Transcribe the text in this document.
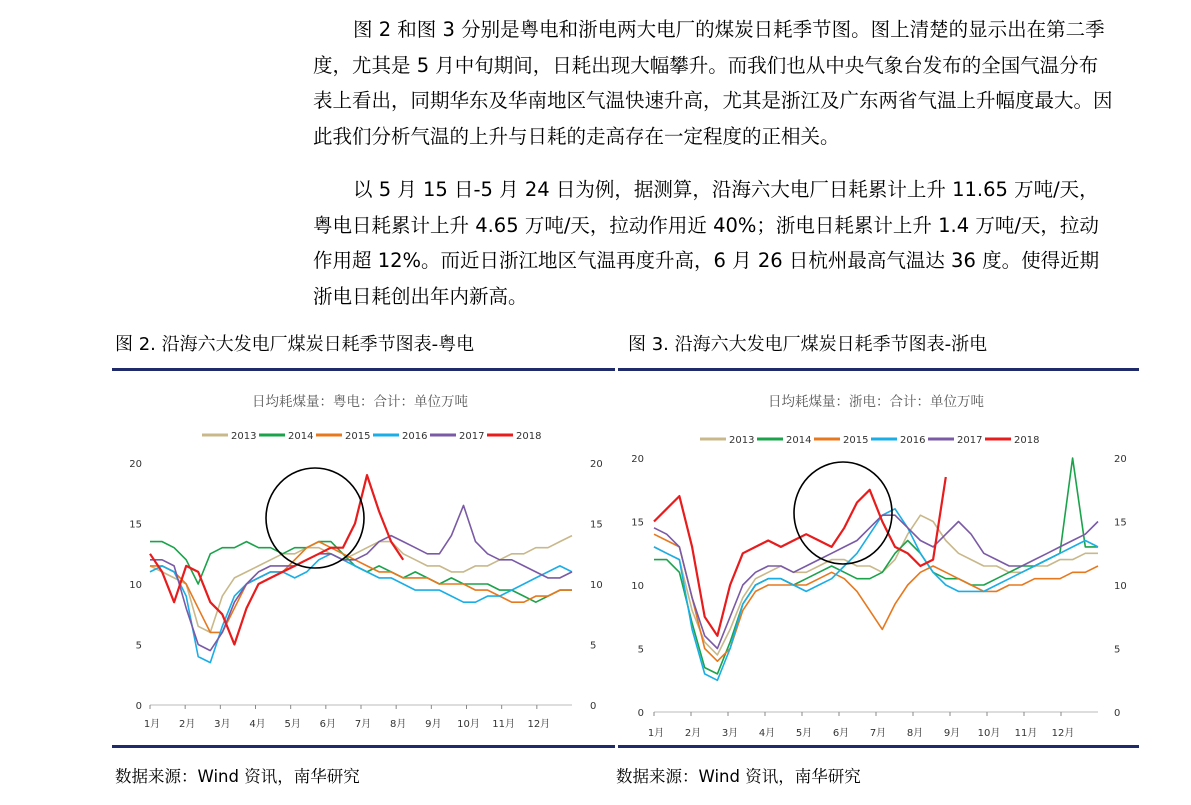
图 2 和图 3 分别是粤电和浙电两大电厂的煤炭日耗季节图。图上清楚的显示出在第二季度，尤其是 5 月中旬期间，日耗出现大幅攀升。而我们也从中央气象台发布的全国气温分布表上看出，同期华东及华南地区气温快速升高，尤其是浙江及广东两省气温上升幅度最大。因此我们分析气温的上升与日耗的走高存在一定程度的正相关。

以 5 月 15 日-5 月 24 日为例，据测算，沿海六大电厂日耗累计上升 11.65 万吨/天，粤电日耗累计上升 4.65 万吨/天，拉动作用近 40%；浙电日耗累计上升 1.4 万吨/天，拉动作用超 12%。而近日浙江地区气温再度升高，6 月 26 日杭州最高气温达 36 度。使得近期浙电日耗创出年内新高。

图 2. 沿海六大发电厂煤炭日耗季节图表-粤电	图 3. 沿海六大发电厂煤炭日耗季节图表-浙电
日均耗煤量：粤电：合计：单位万吨
2013	2014	2015	2016	2017	2018
0	0
5	5
10	10
15	15
20	20
1月 2月 3月 4月 5月 6月 7月 8月 9月 10月 11月 12月
日均耗煤量：浙电：合计：单位万吨
2013	2014	2015	2016	2017	2018
0	0
5	5
10	10
15	15
20	20
1月 2月 3月 4月 5月 6月 7月 8月 9月 10月 11月 12月
数据来源：Wind 资讯，南华研究	数据来源：Wind 资讯，南华研究
